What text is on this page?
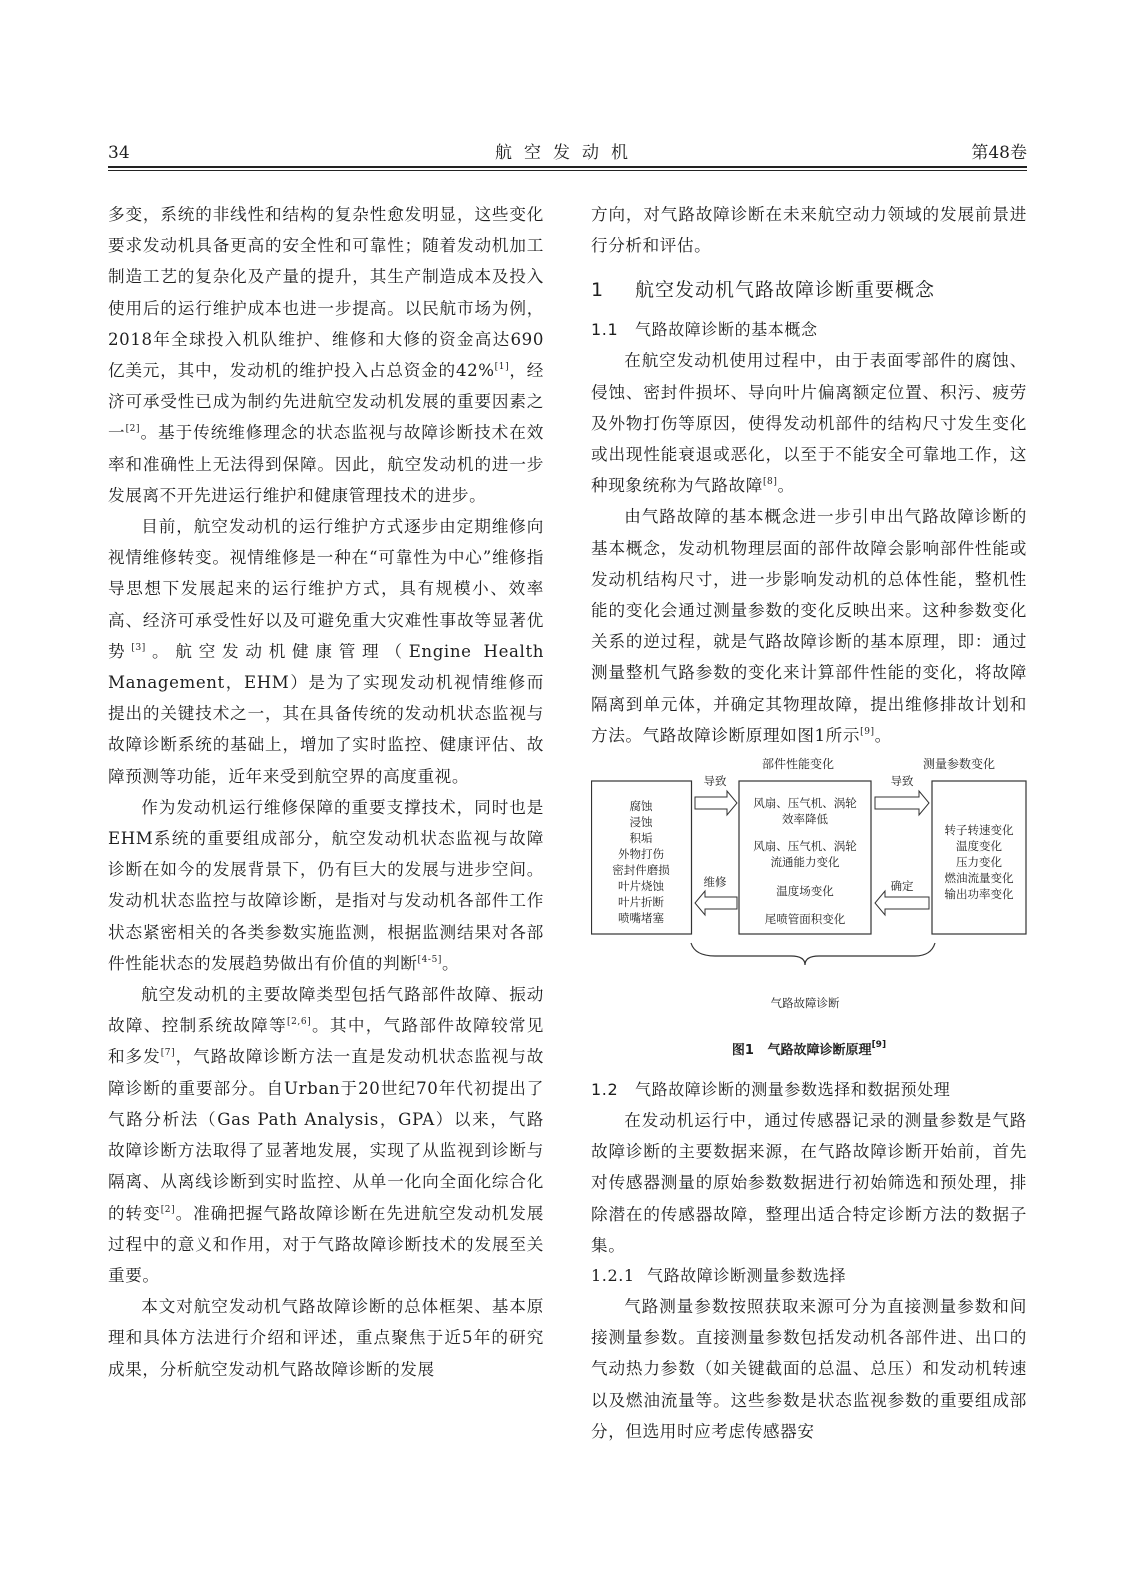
34	航空发动机	第48卷

多变，系统的非线性和结构的复杂性愈发明显，这些变化要求发动机具备更高的安全性和可靠性；随着发动机加工制造工艺的复杂化及产量的提升，其生产制造成本及投入使用后的运行维护成本也进一步提高。以民航市场为例，2018年全球投入机队维护、维修和大修的资金高达690亿美元，其中，发动机的维护投入占总资金的42%[1]，经济可承受性已成为制约先进航空发动机发展的重要因素之一[2]。基于传统维修理念的状态监视与故障诊断技术在效率和准确性上无法得到保障。因此，航空发动机的进一步发展离不开先进运行维护和健康管理技术的进步。

目前，航空发动机的运行维护方式逐步由定期维修向视情维修转变。视情维修是一种在“可靠性为中心”维修指导思想下发展起来的运行维护方式，具有规模小、效率高、经济可承受性好以及可避免重大灾难性事故等显著优势[3]。航空发动机健康管理（Engine Health Management，EHM）是为了实现发动机视情维修而提出的关键技术之一，其在具备传统的发动机状态监视与故障诊断系统的基础上，增加了实时监控、健康评估、故障预测等功能，近年来受到航空界的高度重视。

作为发动机运行维修保障的重要支撑技术，同时也是EHM系统的重要组成部分，航空发动机状态监视与故障诊断在如今的发展背景下，仍有巨大的发展与进步空间。发动机状态监控与故障诊断，是指对与发动机各部件工作状态紧密相关的各类参数实施监测，根据监测结果对各部件性能状态的发展趋势做出有价值的判断[4-5]。

航空发动机的主要故障类型包括气路部件故障、振动故障、控制系统故障等[2,6]。其中，气路部件故障较常见和多发[7]，气路故障诊断方法一直是发动机状态监视与故障诊断的重要部分。自Urban于20世纪70年代初提出了气路分析法（Gas Path Analysis，GPA）以来，气路故障诊断方法取得了显著地发展，实现了从监视到诊断与隔离、从离线诊断到实时监控、从单一化向全面化综合化的转变[2]。准确把握气路故障诊断在先进航空发动机发展过程中的意义和作用，对于气路故障诊断技术的发展至关重要。

本文对航空发动机气路故障诊断的总体框架、基本原理和具体方法进行介绍和评述，重点聚焦于近5年的研究成果，分析航空发动机气路故障诊断的发展

方向，对气路故障诊断在未来航空动力领域的发展前景进行分析和评估。

1 航空发动机气路故障诊断重要概念
1.1 气路故障诊断的基本概念

在航空发动机使用过程中，由于表面零部件的腐蚀、侵蚀、密封件损坏、导向叶片偏离额定位置、积污、疲劳及外物打伤等原因，使得发动机部件的结构尺寸发生变化或出现性能衰退或恶化，以至于不能安全可靠地工作，这种现象统称为气路故障[8]。

由气路故障的基本概念进一步引申出气路故障诊断的基本概念，发动机物理层面的部件故障会影响部件性能或发动机结构尺寸，进一步影响发动机的总体性能，整机性能的变化会通过测量参数的变化反映出来。这种参数变化关系的逆过程，就是气路故障诊断的基本原理，即：通过测量整机气路参数的变化来计算部件性能的变化，将故障隔离到单元体，并确定其物理故障，提出维修排故计划和方法。气路故障诊断原理如图1所示[9]。

部件性能变化	测量参数变化
腐蚀
浸蚀
积垢
外物打伤
密封件磨损
叶片烧蚀
叶片折断
喷嘴堵塞
风扇、压气机、涡轮
效率降低
风扇、压气机、涡轮
流通能力变化
温度场变化
尾喷管面积变化
转子转速变化
温度变化
压力变化
燃油流量变化
输出功率变化
导致	导致
维修	确定
气路故障诊断
图1 气路故障诊断原理[9]
1.2 气路故障诊断的测量参数选择和数据预处理

在发动机运行中，通过传感器记录的测量参数是气路故障诊断的主要数据来源，在气路故障诊断开始前，首先对传感器测量的原始参数数据进行初始筛选和预处理，排除潜在的传感器故障，整理出适合特定诊断方法的数据子集。

1.2.1 气路故障诊断测量参数选择

气路测量参数按照获取来源可分为直接测量参数和间接测量参数。直接测量参数包括发动机各部件进、出口的气动热力参数（如关键截面的总温、总压）和发动机转速以及燃油流量等。这些参数是状态监视参数的重要组成部分，但选用时应考虑传感器安
